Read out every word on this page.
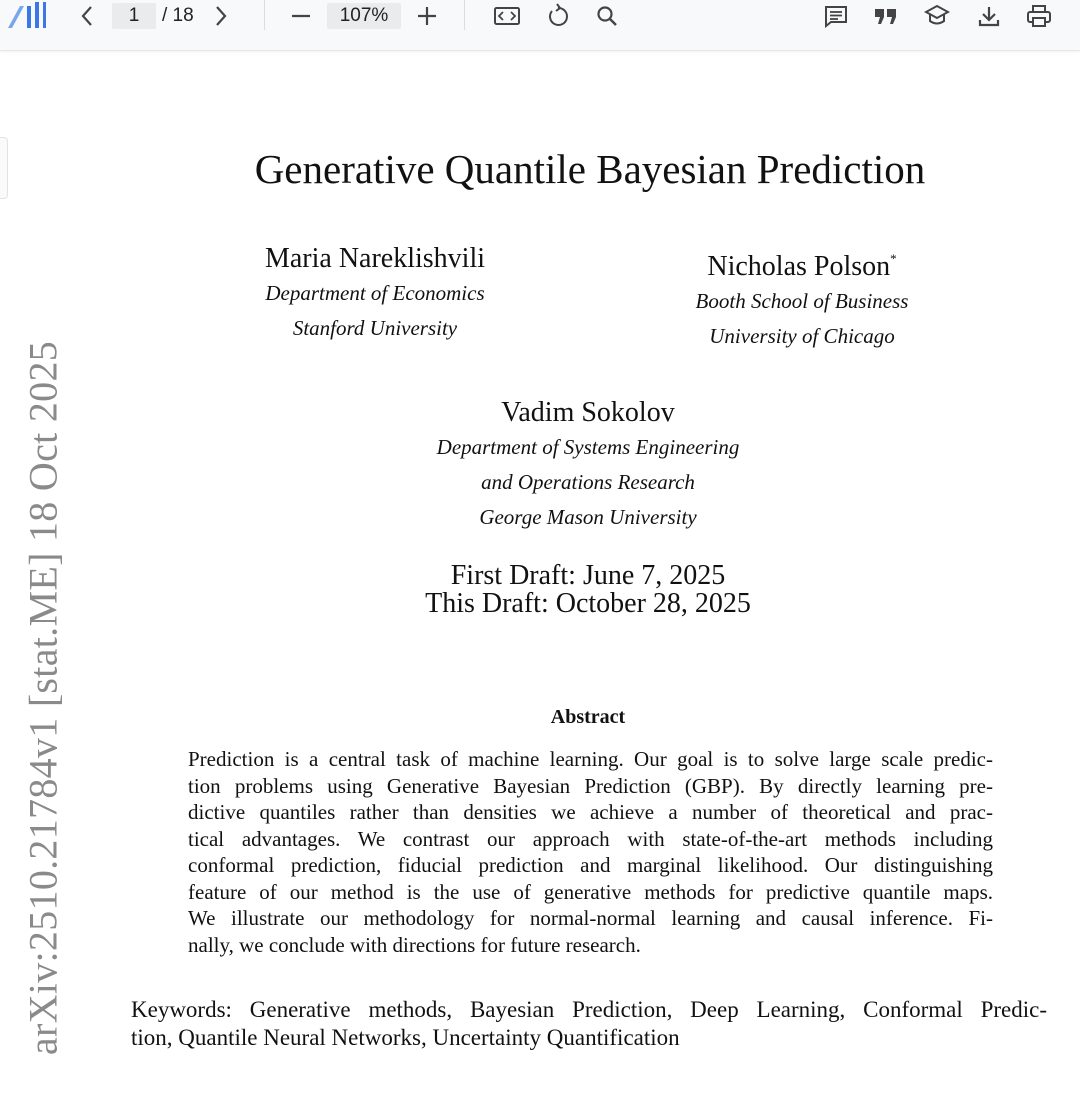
1	/ 18	107%
arXiv:2510.21784v1 [stat.ME] 18 Oct 2025
Generative Quantile Bayesian Prediction
Maria Nareklishvili
Department of Economics
Stanford University
Nicholas Polson*
Booth School of Business
University of Chicago
Vadim Sokolov
Department of Systems Engineering
and Operations Research
George Mason University
First Draft: June 7, 2025
This Draft: October 28, 2025
Abstract
Prediction is a central task of machine learning. Our goal is to solve large scale predic-
tion problems using Generative Bayesian Prediction (GBP). By directly learning pre-
dictive quantiles rather than densities we achieve a number of theoretical and prac-
tical advantages. We contrast our approach with state-of-the-art methods including
conformal prediction, fiducial prediction and marginal likelihood. Our distinguishing
feature of our method is the use of generative methods for predictive quantile maps.
We illustrate our methodology for normal-normal learning and causal inference. Fi-
nally, we conclude with directions for future research.
Keywords: Generative methods, Bayesian Prediction, Deep Learning, Conformal Predic-
tion, Quantile Neural Networks, Uncertainty Quantification
